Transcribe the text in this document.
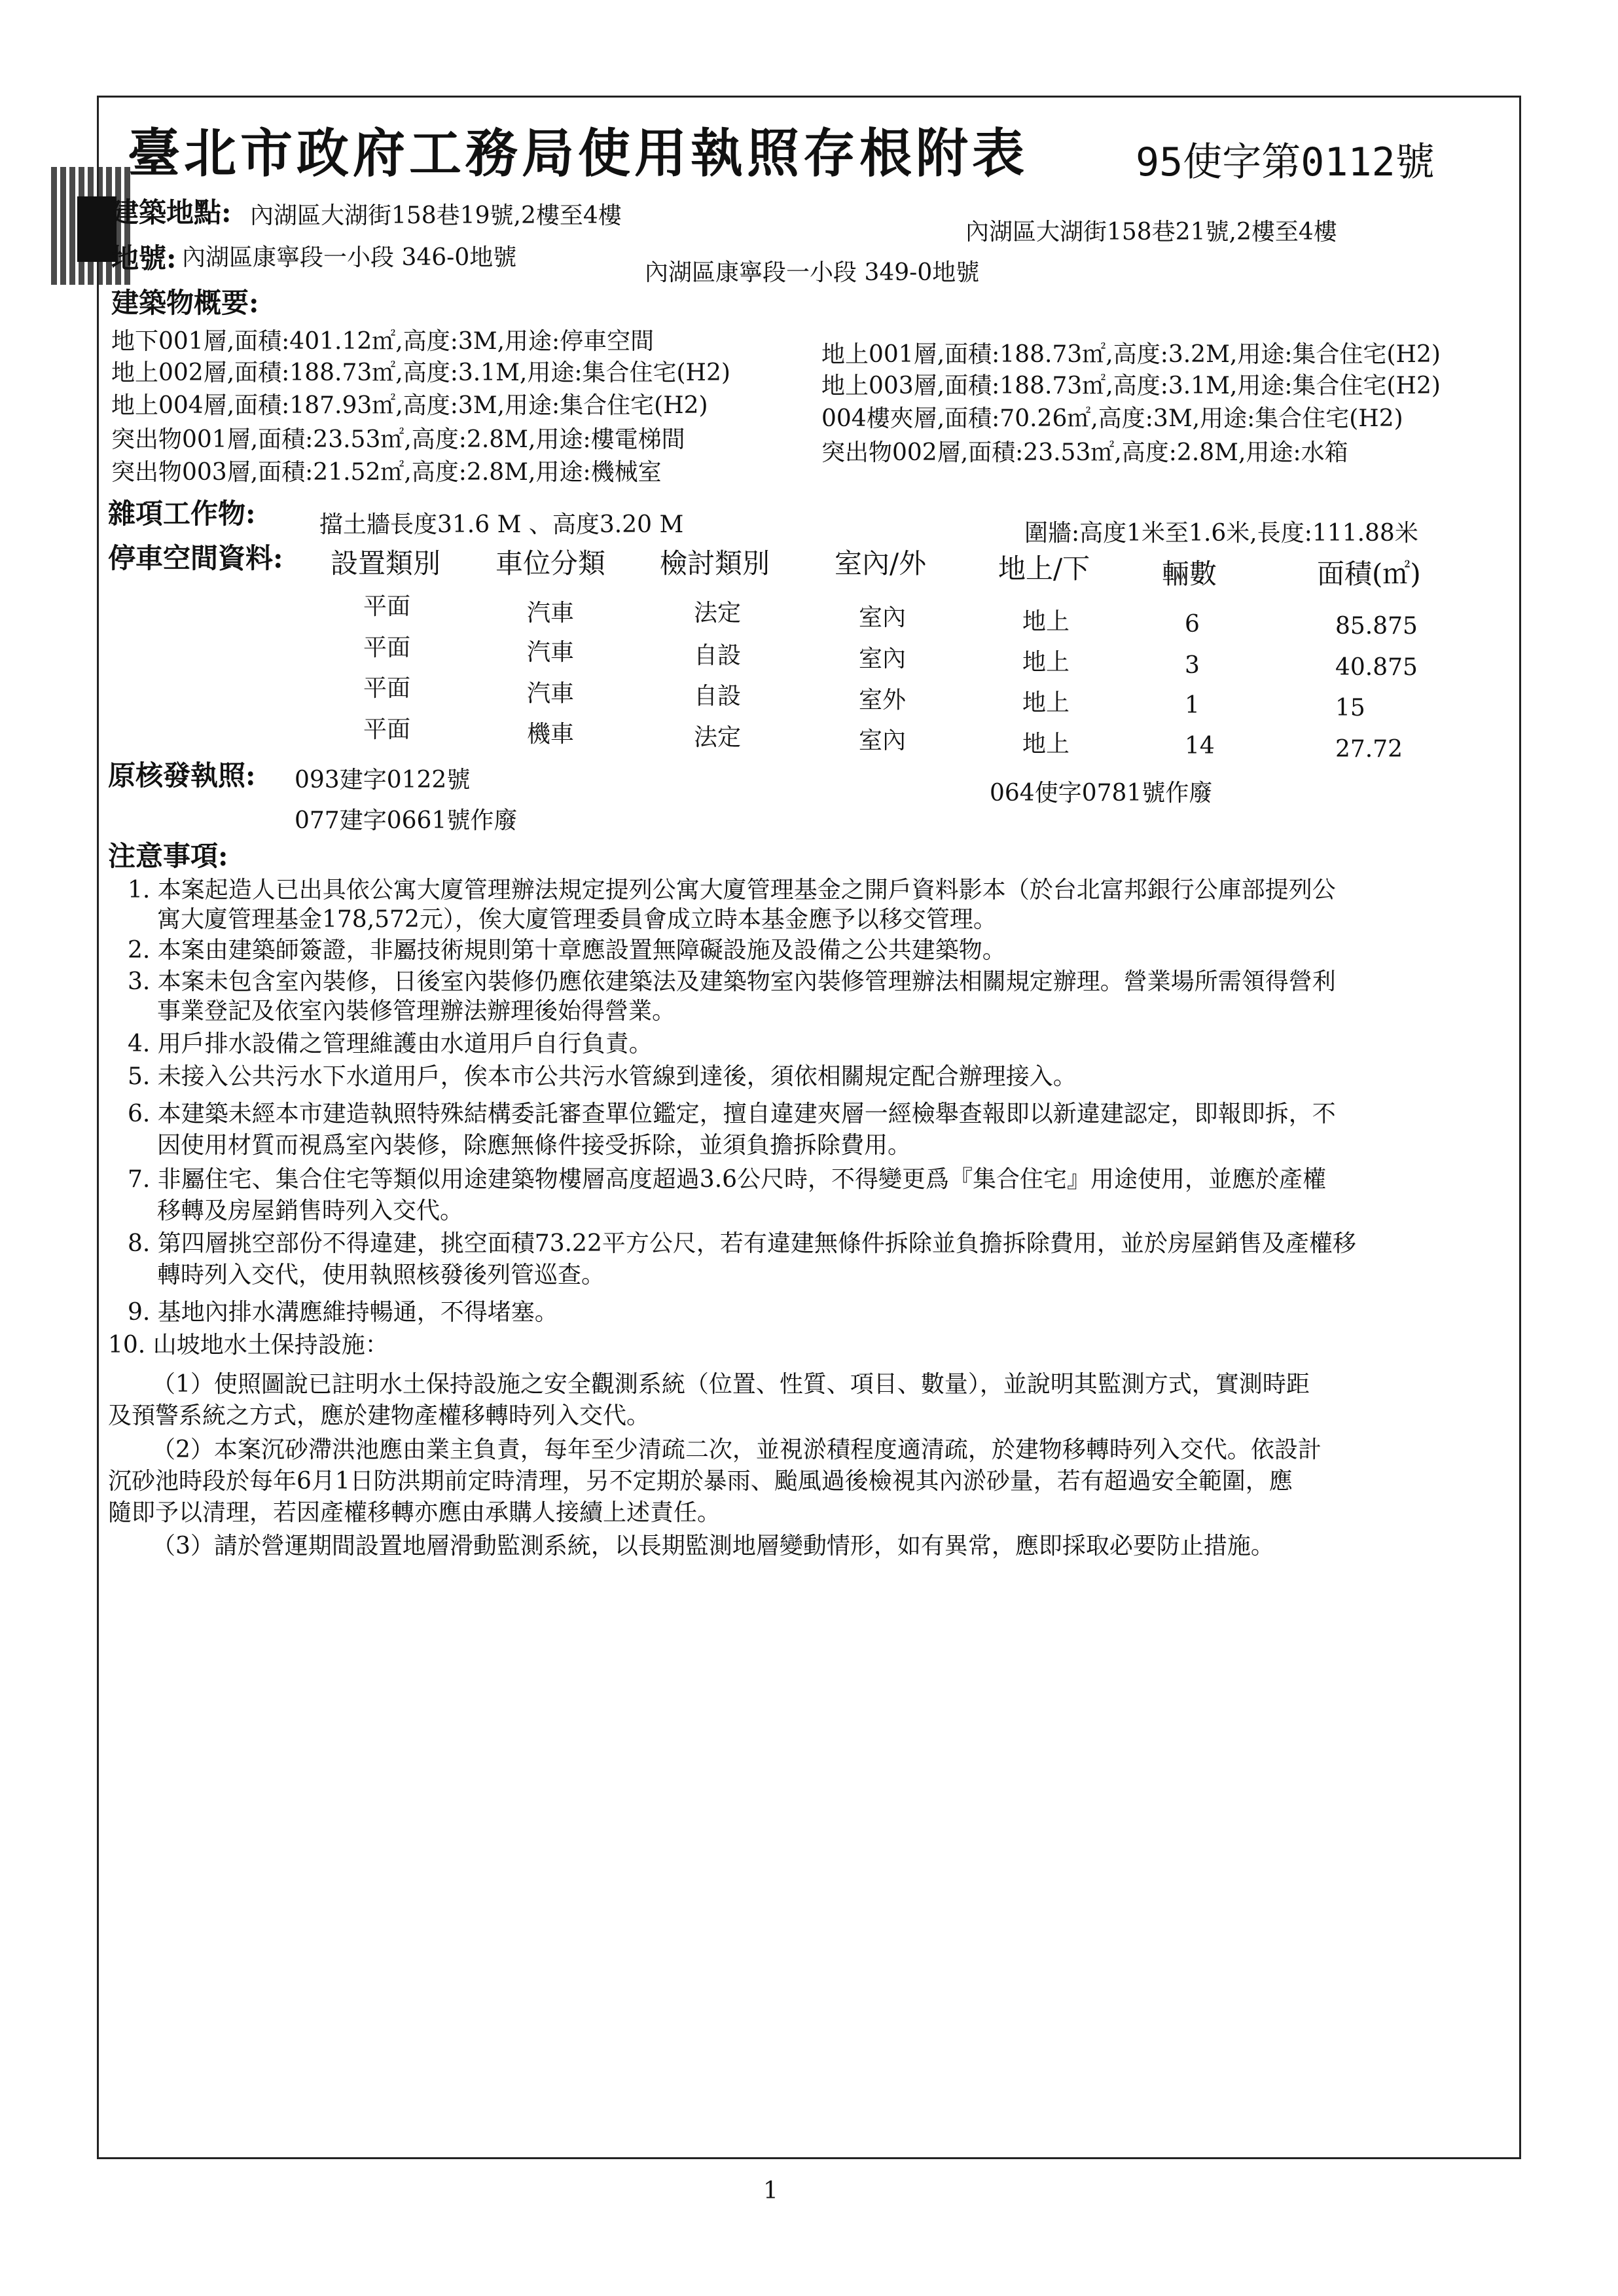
臺北市政府工務局使用執照存根附表	95使字第0112號
建築地點: 內湖區大湖街158巷19號,2樓至4樓
內湖區大湖街158巷21號,2樓至4樓
地號: 內湖區康寧段一小段 346-0地號
內湖區康寧段一小段 349-0地號
建築物概要:
地下001層,面積:401.12㎡,高度:3M,用途:停車空間
地上002層,面積:188.73㎡,高度:3.1M,用途:集合住宅(H2)
地上004層,面積:187.93㎡,高度:3M,用途:集合住宅(H2)
突出物001層,面積:23.53㎡,高度:2.8M,用途:樓電梯間
突出物003層,面積:21.52㎡,高度:2.8M,用途:機械室
地上001層,面積:188.73㎡,高度:3.2M,用途:集合住宅(H2)
地上003層,面積:188.73㎡,高度:3.1M,用途:集合住宅(H2)
004樓夾層,面積:70.26㎡,高度:3M,用途:集合住宅(H2)
突出物002層,面積:23.53㎡,高度:2.8M,用途:水箱
雜項工作物:	擋土牆長度31.6 M 、高度3.20 M	圍牆:高度1米至1.6米,長度:111.88米
停車空間資料: 設置類別 車位分類 檢討類別 室內/外	地上/下	輛數	面積(㎡)
平面	汽車	法定	室內	地上	6	85.875
平面	汽車	自設	室內	地上	3	40.875
平面	汽車	自設	室外	地上	1	15
平面	機車	法定	室內	地上	14	27.72
原核發執照: 093建字0122號
077建字0661號作廢
064使字0781號作廢
注意事項:
1. 本案起造人已出具依公寓大廈管理辦法規定提列公寓大廈管理基金之開戶資料影本（於台北富邦銀行公庫部提列公
寓大廈管理基金178,572元），俟大廈管理委員會成立時本基金應予以移交管理。
2. 本案由建築師簽證，非屬技術規則第十章應設置無障礙設施及設備之公共建築物。
3. 本案未包含室內裝修，日後室內裝修仍應依建築法及建築物室內裝修管理辦法相關規定辦理。營業場所需領得營利
事業登記及依室內裝修管理辦法辦理後始得營業。
4. 用戶排水設備之管理維護由水道用戶自行負責。
5. 未接入公共污水下水道用戶，俟本市公共污水管線到達後，須依相關規定配合辦理接入。
6. 本建築未經本市建造執照特殊結構委託審查單位鑑定，擅自違建夾層一經檢舉查報即以新違建認定，即報即拆，不
因使用材質而視爲室內裝修，除應無條件接受拆除，並須負擔拆除費用。
7. 非屬住宅、集合住宅等類似用途建築物樓層高度超過3.6公尺時，不得變更爲『集合住宅』用途使用，並應於產權
移轉及房屋銷售時列入交代。
8. 第四層挑空部份不得違建，挑空面積73.22平方公尺，若有違建無條件拆除並負擔拆除費用，並於房屋銷售及產權移
轉時列入交代，使用執照核發後列管巡查。
9. 基地內排水溝應維持暢通，不得堵塞。
10. 山坡地水土保持設施：
（1）使照圖說已註明水土保持設施之安全觀測系統（位置、性質、項目、數量），並說明其監測方式，實測時距
及預警系統之方式，應於建物產權移轉時列入交代。
（2）本案沉砂滯洪池應由業主負責，每年至少清疏二次，並視淤積程度適清疏，於建物移轉時列入交代。依設計
沉砂池時段於每年6月1日防洪期前定時清理，另不定期於暴雨、颱風過後檢視其內淤砂量，若有超過安全範圍，應
隨即予以清理，若因產權移轉亦應由承購人接續上述責任。
（3）請於營運期間設置地層滑動監測系統，以長期監測地層變動情形，如有異常，應即採取必要防止措施。
1
